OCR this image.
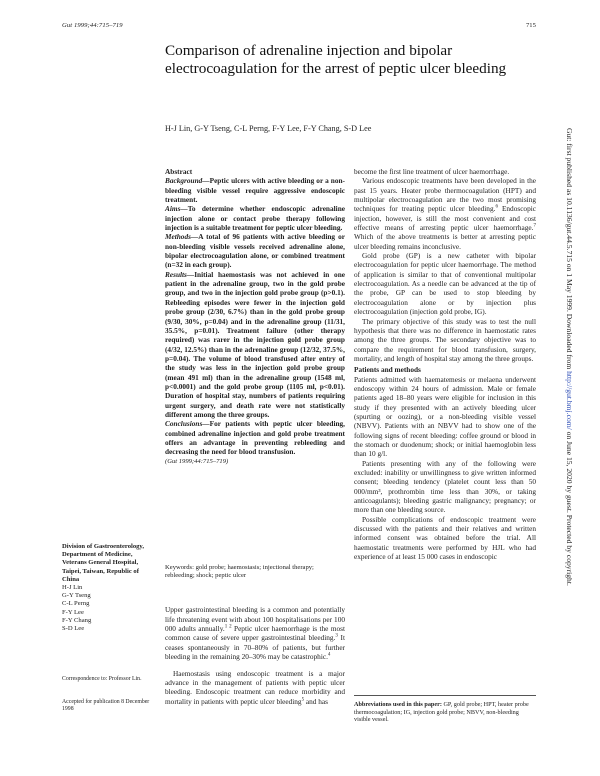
Gut 1999;44:715–719	715
Comparison of adrenaline injection and bipolar electrocoagulation for the arrest of peptic ulcer bleeding
H-J Lin, G-Y Tseng, C-L Perng, F-Y Lee, F-Y Chang, S-D Lee	Gut: first published as 10.1136/gut.44.5.715 on 1 May 1999. Downloaded from http://gut.bmj.com/ on June 15, 2020 by guest. Protected by copyright.

Abstract

Background—Peptic ulcers with active bleeding or a non-bleeding visible vessel require aggressive endoscopic treatment.

Aims—To determine whether endoscopic adrenaline injection alone or contact probe therapy following injection is a suitable treatment for peptic ulcer bleeding.

Methods—A total of 96 patients with active bleeding or non-bleeding visible vessels received adrenaline alone, bipolar electrocoagulation alone, or combined treatment (n=32 in each group).

Results—Initial haemostasis was not achieved in one patient in the adrenaline group, two in the gold probe group, and two in the injection gold probe group (p>0.1). Rebleeding episodes were fewer in the injection gold probe group (2/30, 6.7%) than in the gold probe group (9/30, 30%, p=0.04) and in the adrenaline group (11/31, 35.5%, p=0.01). Treatment failure (other therapy required) was rarer in the injection gold probe group (4/32, 12.5%) than in the adrenaline group (12/32, 37.5%, p=0.04). The volume of blood transfused after entry of the study was less in the injection gold probe group (mean 491 ml) than in the adrenaline group (1548 ml, p<0.0001) and the gold probe group (1105 ml, p<0.01). Duration of hospital stay, numbers of patients requiring urgent surgery, and death rate were not statistically different among the three groups.

Conclusions—For patients with peptic ulcer bleeding, combined adrenaline injection and gold probe treatment offers an advantage in preventing rebleeding and decreasing the need for blood transfusion.

(Gut 1999;44:715–719)

Keywords: gold probe; haemostasis; injectional therapy; rebleeding; shock; peptic ulcer

Upper gastrointestinal bleeding is a common and potentially life threatening event with about 100 hospitalisations per 100 000 adults annually.$^{1 2}$ Peptic ulcer haemorrhage is the most common cause of severe upper gastrointestinal bleeding.$^3$ It ceases spontaneously in 70–80% of patients, but further bleeding in the remaining 20–30% may be catastrophic.$^4$

Haemostasis using endoscopic treatment is a major advance in the management of patients with peptic ulcer bleeding. Endoscopic treatment can reduce morbidity and mortality in patients with peptic ulcer bleeding$^5$ and has

Division of Gastroenterology, Department of Medicine, Veterans General Hospital, Taipei, Taiwan, Republic of China
H-J Lin
G-Y Tseng
C-L Perng
F-Y Lee
F-Y Chang
S-D Lee
Correspondence to: Professor Lin.
Accepted for publication 8 December 1998

become the first line treatment of ulcer haemorrhage.

Various endoscopic treatments have been developed in the past 15 years. Heater probe thermocoagulation (HPT) and multipolar electrocoagulation are the two most promising techniques for treating peptic ulcer bleeding.$^6$ Endoscopic injection, however, is still the most convenient and cost effective means of arresting peptic ulcer haemorrhage.$^7$ Which of the above treatments is better at arresting peptic ulcer bleeding remains inconclusive.

Gold probe (GP) is a new catheter with bipolar electrocoagulation for peptic ulcer haemorrhage. The method of application is similar to that of conventional multipolar electrocoagulation. As a needle can be advanced at the tip of the probe, GP can be used to stop bleeding by electrocoagulation alone or by injection plus electrocoagulation (injection gold probe, IG).

The primary objective of this study was to test the null hypothesis that there was no difference in haemostatic rates among the three groups. The secondary objective was to compare the requirement for blood transfusion, surgery, mortality, and length of hospital stay among the three groups.

Patients and methods

Patients admitted with haematemesis or melaena underwent endoscopy within 24 hours of admission. Male or female patients aged 18–80 years were eligible for inclusion in this study if they presented with an actively bleeding ulcer (spurting or oozing), or a non-bleeding visible vessel (NBVV). Patients with an NBVV had to show one of the following signs of recent bleeding: coffee ground or blood in the stomach or duodenum; shock; or initial haemoglobin less than 10 g/l.

Patients presenting with any of the following were excluded: inability or unwillingness to give written informed consent; bleeding tendency (platelet count less than 50 000/mm³, prothrombin time less than 30%, or taking anticoagulants); bleeding gastric malignancy; pregnancy; or more than one bleeding source.

Possible complications of endoscopic treatment were discussed with the patients and their relatives and written informed consent was obtained before the trial. All haemostatic treatments were performed by HJL who had experience of at least 15 000 cases in endoscopic

Abbreviations used in this paper: GP, gold probe; HPT, heater probe thermocoagulation; IG, injection gold probe; NBVV, non-bleeding visible vessel.
